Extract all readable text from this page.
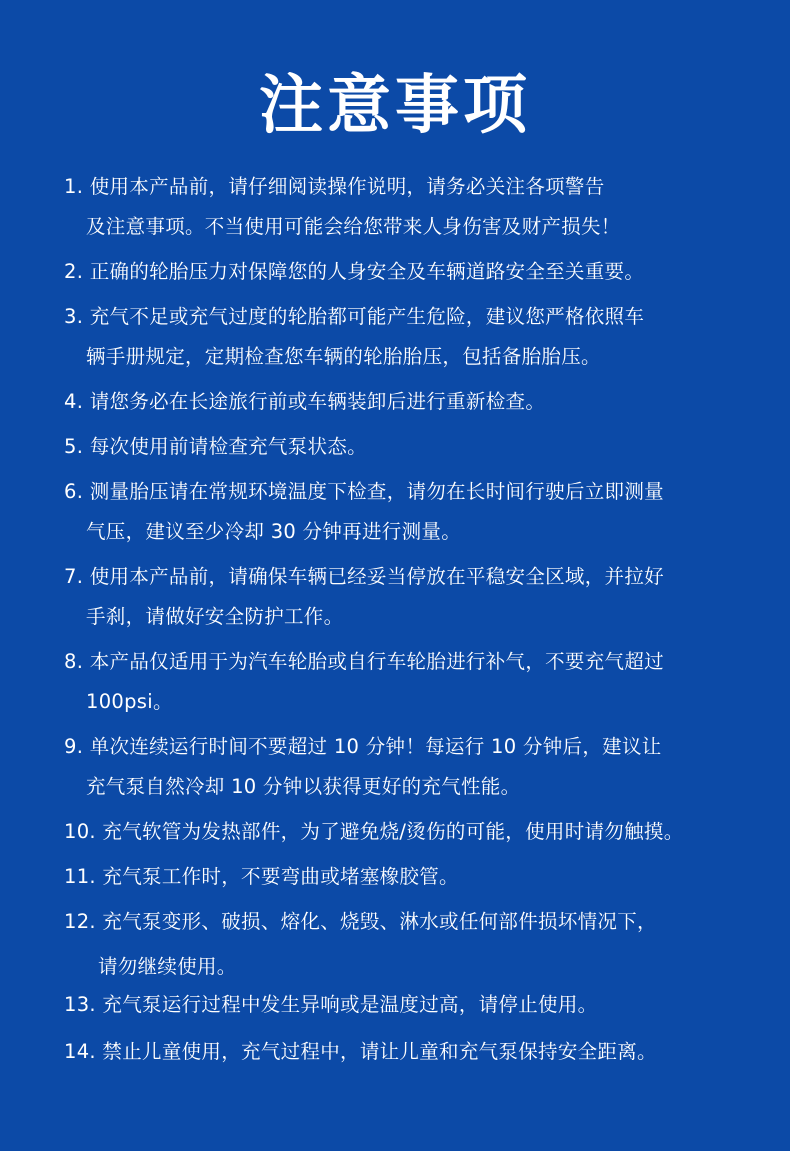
注意事项
1. 使用本产品前，请仔细阅读操作说明，请务必关注各项警告
及注意事项。不当使用可能会给您带来人身伤害及财产损失！
2. 正确的轮胎压力对保障您的人身安全及车辆道路安全至关重要。
3. 充气不足或充气过度的轮胎都可能产生危险，建议您严格依照车
辆手册规定，定期检查您车辆的轮胎胎压，包括备胎胎压。
4. 请您务必在长途旅行前或车辆装卸后进行重新检查。
5. 每次使用前请检查充气泵状态。
6. 测量胎压请在常规环境温度下检查，请勿在长时间行驶后立即测量
气压，建议至少冷却 30 分钟再进行测量。
7. 使用本产品前，请确保车辆已经妥当停放在平稳安全区域，并拉好
手刹，请做好安全防护工作。
8. 本产品仅适用于为汽车轮胎或自行车轮胎进行补气，不要充气超过
100psi。
9. 单次连续运行时间不要超过 10 分钟！每运行 10 分钟后，建议让
充气泵自然冷却 10 分钟以获得更好的充气性能。
10. 充气软管为发热部件，为了避免烧/烫伤的可能，使用时请勿触摸。
11. 充气泵工作时，不要弯曲或堵塞橡胶管。
12. 充气泵变形、破损、熔化、烧毁、淋水或任何部件损坏情况下，
请勿继续使用。
13. 充气泵运行过程中发生异响或是温度过高，请停止使用。
14. 禁止儿童使用，充气过程中，请让儿童和充气泵保持安全距离。
